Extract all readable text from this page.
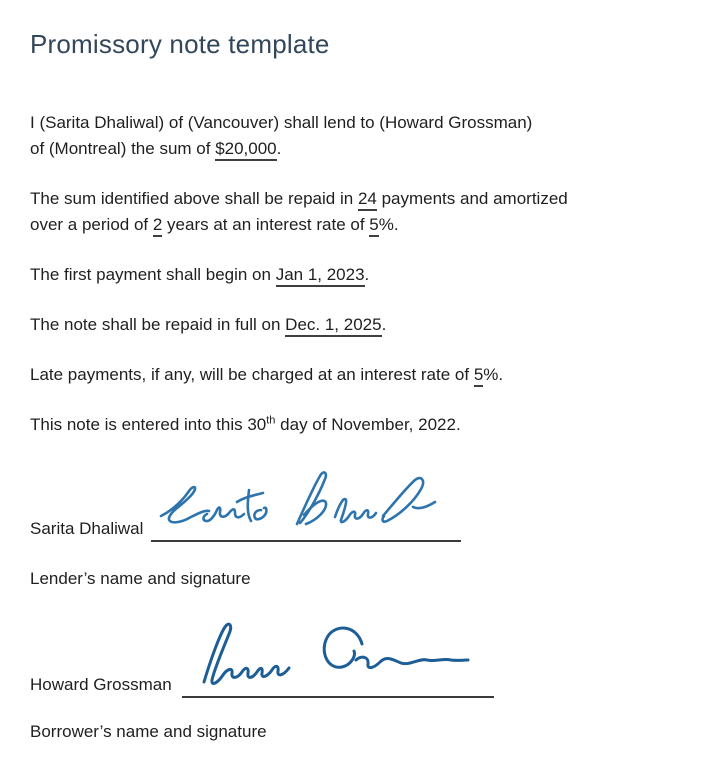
Promissory note template

I (Sarita Dhaliwal) of (Vancouver) shall lend to (Howard Grossman)
of (Montreal) the sum of $20,000.

The sum identified above shall be repaid in 24 payments and amortized
over a period of 2 years at an interest rate of 5%.

The first payment shall begin on Jan 1, 2023.

The note shall be repaid in full on Dec. 1, 2025.

Late payments, if any, will be charged at an interest rate of 5%.

This note is entered into this 30th day of November, 2022.

Sarita Dhaliwal

Lender’s name and signature

Howard Grossman

Borrower’s name and signature
